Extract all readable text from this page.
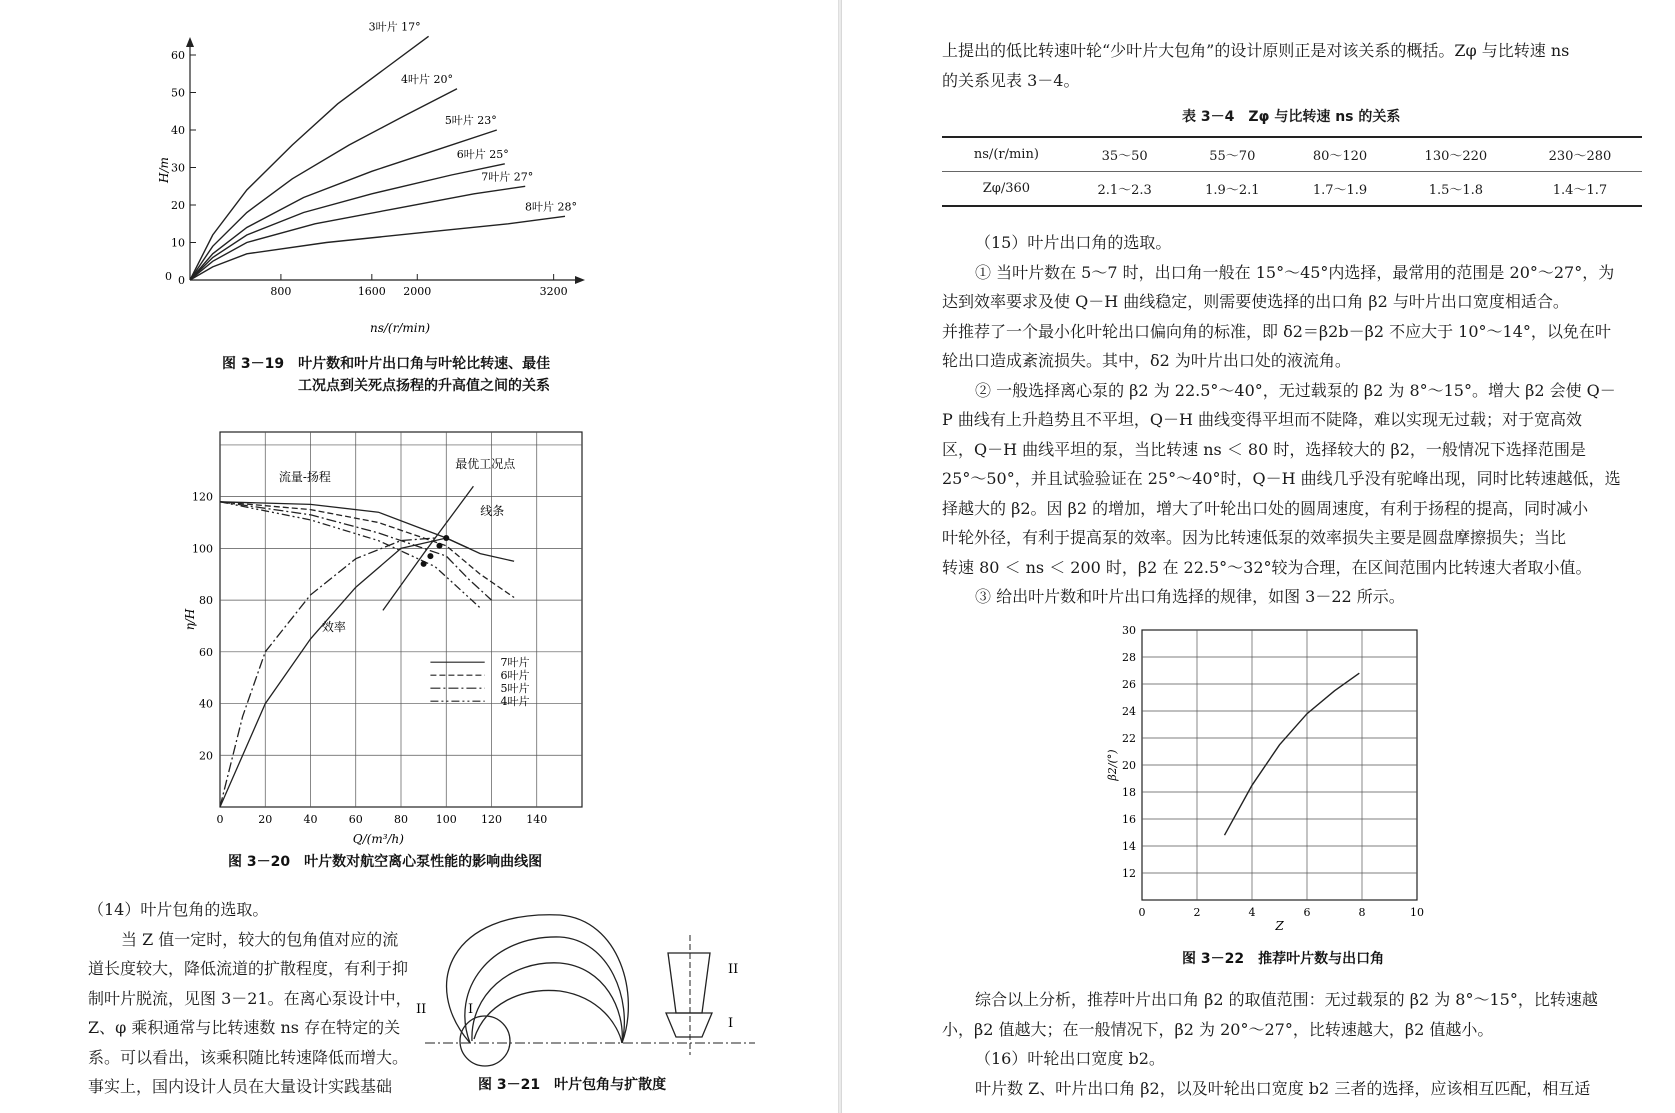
0
10
20
30
40
50
60
800	1600 2000	3200
0
H/m
ns/(r/min)
3叶片 17°
4叶片 20°
5叶片 23°
6叶片 25°
7叶片 27°
8叶片 28°
图 3－19　叶片数和叶片出口角与叶轮比转速、最佳
工况点到关死点扬程的升高值之间的关系
20
40
60
80
100
120
0	20	40	60	80	100 120 140
η/H
Q/(m³/h)
流量-扬程
效率
最优工况点
线条
7叶片
6叶片
5叶片
4叶片
图 3－20　叶片数对航空离心泵性能的影响曲线图
（14）叶片包角的选取。
当 Z 值一定时，较大的包角值对应的流
道长度较大，降低流道的扩散程度，有利于抑
制叶片脱流，见图 3－21。在离心泵设计中，
Z、φ 乘积通常与比转速数 ns 存在特定的关
系。可以看出，该乘积随比转速降低而增大。
事实上，国内设计人员在大量设计实践基础
II	I
II
I
图 3－21　叶片包角与扩散度
上提出的低比转速叶轮“少叶片大包角”的设计原则正是对该关系的概括。Zφ 与比转速 ns
的关系见表 3－4。
表 3－4　Zφ 与比转速 ns 的关系
ns/(r/min)	35～50	55～70	80～120	130～220	230～280
Zφ/360	2.1～2.3	1.9～2.1	1.7～1.9	1.5～1.8	1.4～1.7
（15）叶片出口角的选取。
① 当叶片数在 5～7 时，出口角一般在 15°～45°内选择，最常用的范围是 20°～27°，为
达到效率要求及使 Q－H 曲线稳定，则需要使选择的出口角 β2 与叶片出口宽度相适合。
并推荐了一个最小化叶轮出口偏向角的标准，即 δ2＝β2b－β2 不应大于 10°～14°，以免在叶
轮出口造成紊流损失。其中，δ2 为叶片出口处的液流角。
② 一般选择离心泵的 β2 为 22.5°～40°，无过载泵的 β2 为 8°～15°。增大 β2 会使 Q－
P 曲线有上升趋势且不平坦，Q－H 曲线变得平坦而不陡降，难以实现无过载；对于宽高效
区，Q－H 曲线平坦的泵，当比转速 ns ＜ 80 时，选择较大的 β2，一般情况下选择范围是
25°～50°，并且试验验证在 25°～40°时，Q－H 曲线几乎没有驼峰出现，同时比转速越低，选
择越大的 β2。因 β2 的增加，增大了叶轮出口处的圆周速度，有利于扬程的提高，同时减小
叶轮外径，有利于提高泵的效率。因为比转速低泵的效率损失主要是圆盘摩擦损失；当比
转速 80 ＜ ns ＜ 200 时，β2 在 22.5°～32°较为合理，在区间范围内比转速大者取小值。
③ 给出叶片数和叶片出口角选择的规律，如图 3－22 所示。
12
14
16
18
20
22
24
26
28
30
0	2	4	6	8	10
β2/(°)
Z
图 3－22　推荐叶片数与出口角
综合以上分析，推荐叶片出口角 β2 的取值范围：无过载泵的 β2 为 8°～15°，比转速越
小，β2 值越大；在一般情况下，β2 为 20°～27°，比转速越大，β2 值越小。
（16）叶轮出口宽度 b2。
叶片数 Z、叶片出口角 β2，以及叶轮出口宽度 b2 三者的选择，应该相互匹配，相互适
